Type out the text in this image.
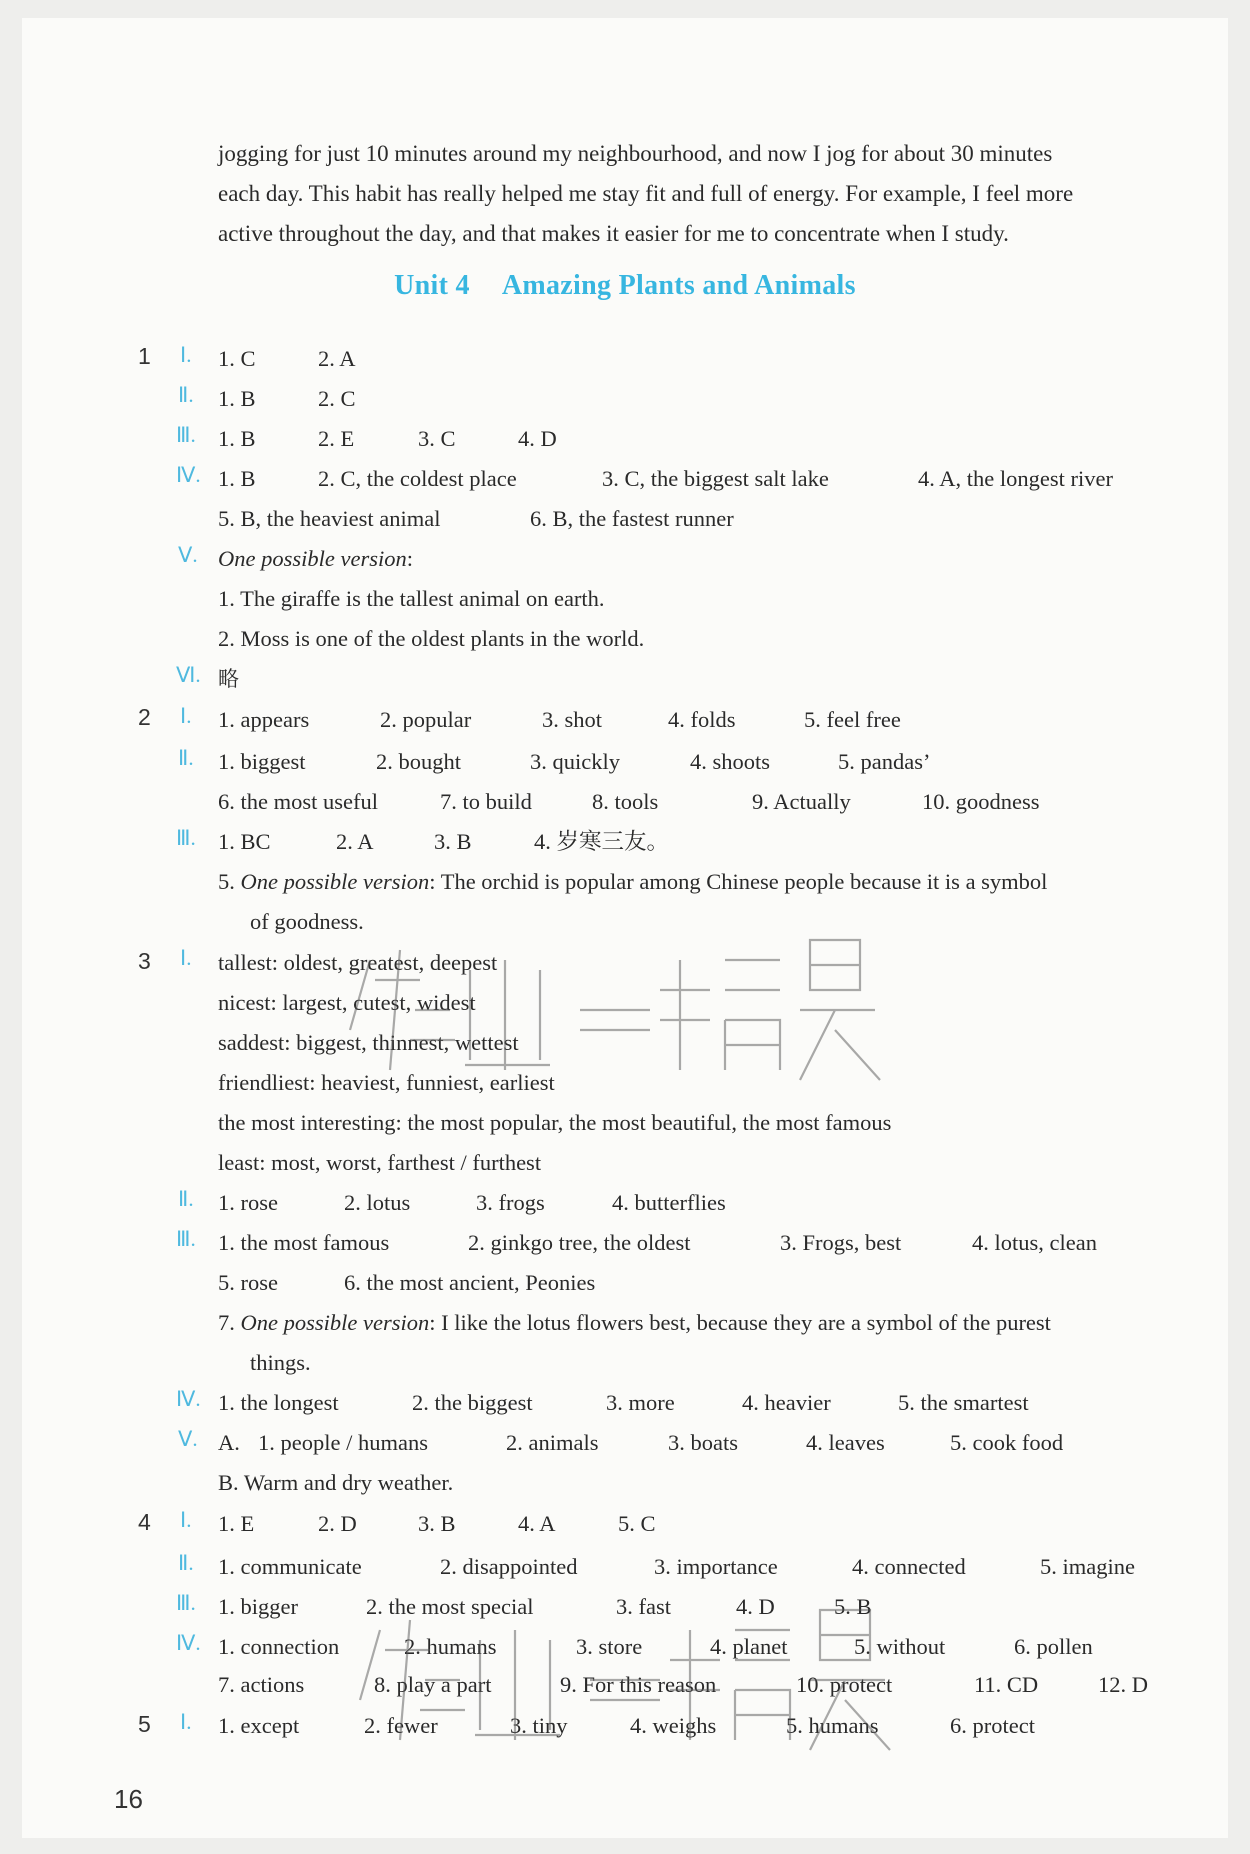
jogging for just 10 minutes around my neighbourhood, and now I jog for about 30 minutes
each day. This habit has really helped me stay fit and full of energy. For example, I feel more
active throughout the day, and that makes it easier for me to concentrate when I study.
Unit 4 Amazing Plants and Animals
1 Ⅰ. 1. C	2. A
Ⅱ. 1. B	2. C
Ⅲ. 1. B	2. E	3. C	4. D
Ⅳ. 1. B	2. C, the coldest place	3. C, the biggest salt lake	4. A, the longest river
5. B, the heaviest animal	6. B, the fastest runner
Ⅴ. One possible version:
1. The giraffe is the tallest animal on earth.
2. Moss is one of the oldest plants in the world.
Ⅵ. 略
2 Ⅰ. 1. appears	2. popular	3. shot	4. folds	5. feel free
Ⅱ. 1. biggest	2. bought	3. quickly	4. shoots	5. pandas’
6. the most useful	7. to build	8. tools	9. Actually	10. goodness
Ⅲ. 1. BC	2. A	3. B	4. 岁寒三友。
5. One possible version: The orchid is popular among Chinese people because it is a symbol
of goodness.
3 Ⅰ. tallest: oldest, greatest, deepest
nicest: largest, cutest, widest
saddest: biggest, thinnest, wettest
friendliest: heaviest, funniest, earliest
the most interesting: the most popular, the most beautiful, the most famous
least: most, worst, farthest / furthest
Ⅱ. 1. rose	2. lotus	3. frogs	4. butterflies
Ⅲ. 1. the most famous	2. ginkgo tree, the oldest	3. Frogs, best	4. lotus, clean
5. rose	6. the most ancient, Peonies
7. One possible version: I like the lotus flowers best, because they are a symbol of the purest
things.
Ⅳ. 1. the longest	2. the biggest	3. more	4. heavier	5. the smartest
Ⅴ. A. 1. people / humans	2. animals	3. boats	4. leaves	5. cook food
B. Warm and dry weather.
4 Ⅰ. 1. E	2. D	3. B	4. A	5. C
Ⅱ. 1. communicate	2. disappointed	3. importance	4. connected	5. imagine
Ⅲ. 1. bigger	2. the most special	3. fast	4. D	5. B
Ⅳ. 1. connection	2. humans	3. store	4. planet	5. without	6. pollen
7. actions	8. play a part	9. For this reason	10. protect	11. CD	12. D
5 Ⅰ. 1. except	2. fewer	3. tiny	4. weighs	5. humans	6. protect
16
